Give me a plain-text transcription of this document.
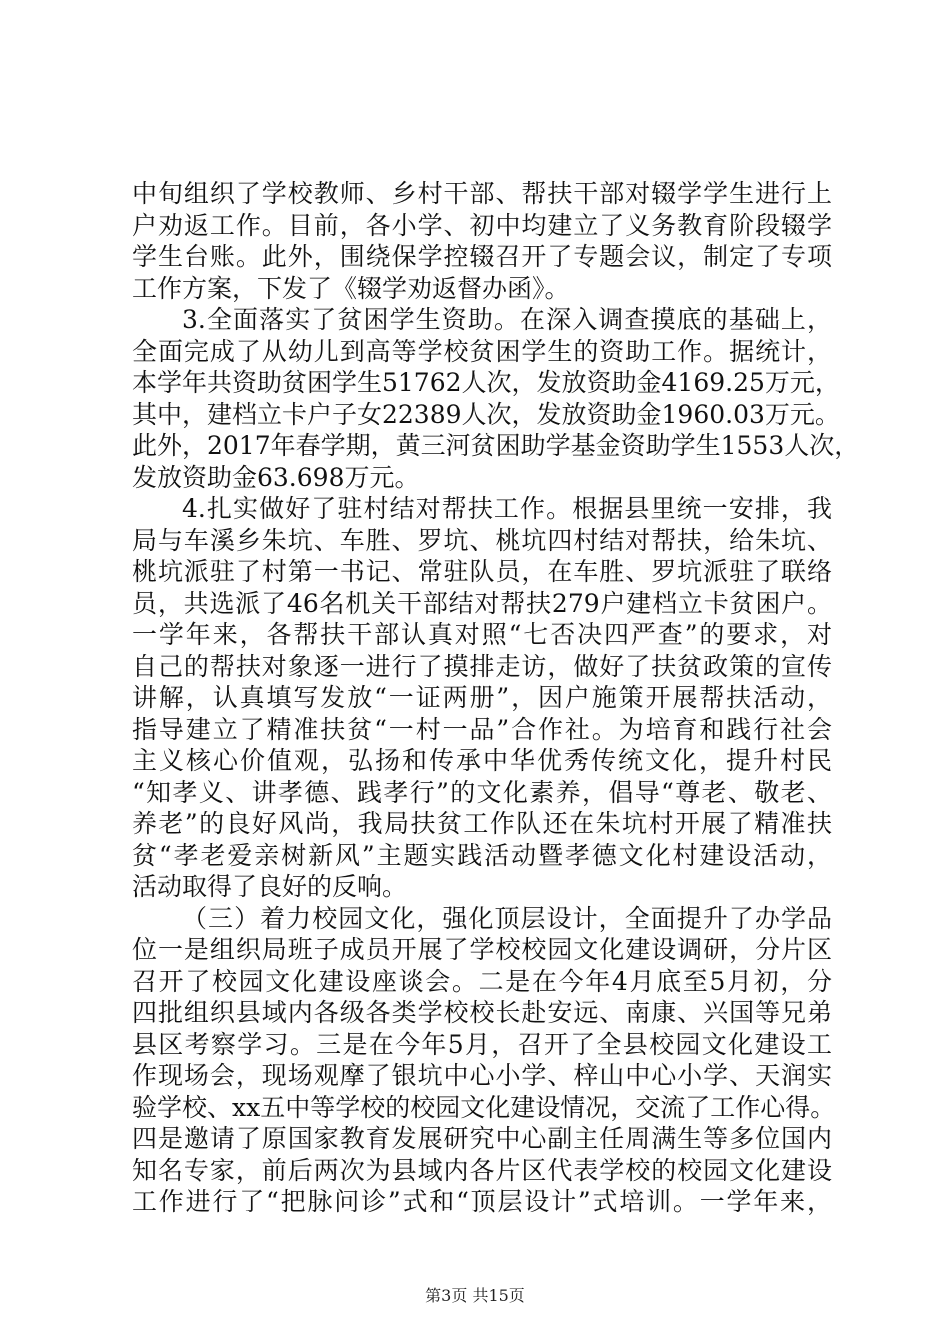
中旬组织了学校教师、乡村干部、帮扶干部对辍学学生进行上
户劝返工作。目前，各小学、初中均建立了义务教育阶段辍学
学生台账。此外，围绕保学控辍召开了专题会议，制定了专项
工作方案，下发了《辍学劝返督办函》。
3.全面落实了贫困学生资助。在深入调查摸底的基础上，
全面完成了从幼儿到高等学校贫困学生的资助工作。据统计，
本学年共资助贫困学生51762人次，发放资助金4169.25万元，
其中，建档立卡户子女22389人次，发放资助金1960.03万元。
此外，2017年春学期，黄三河贫困助学基金资助学生1553人次，
发放资助金63.698万元。
4.扎实做好了驻村结对帮扶工作。根据县里统一安排，我
局与车溪乡朱坑、车胜、罗坑、桃坑四村结对帮扶，给朱坑、
桃坑派驻了村第一书记、常驻队员，在车胜、罗坑派驻了联络
员，共选派了46名机关干部结对帮扶279户建档立卡贫困户。
一学年来，各帮扶干部认真对照“七否决四严查”的要求，对
自己的帮扶对象逐一进行了摸排走访，做好了扶贫政策的宣传
讲解，认真填写发放“一证两册”，因户施策开展帮扶活动，
指导建立了精准扶贫“一村一品”合作社。为培育和践行社会
主义核心价值观，弘扬和传承中华优秀传统文化，提升村民
“知孝义、讲孝德、践孝行”的文化素养，倡导“尊老、敬老、
养老”的良好风尚，我局扶贫工作队还在朱坑村开展了精准扶
贫“孝老爱亲树新风”主题实践活动暨孝德文化村建设活动，
活动取得了良好的反响。
（三）着力校园文化，强化顶层设计，全面提升了办学品
位一是组织局班子成员开展了学校校园文化建设调研，分片区
召开了校园文化建设座谈会。二是在今年4月底至5月初，分
四批组织县域内各级各类学校校长赴安远、南康、兴国等兄弟
县区考察学习。三是在今年5月，召开了全县校园文化建设工
作现场会，现场观摩了银坑中心小学、梓山中心小学、天润实
验学校、xx五中等学校的校园文化建设情况，交流了工作心得。
四是邀请了原国家教育发展研究中心副主任周满生等多位国内
知名专家，前后两次为县域内各片区代表学校的校园文化建设
工作进行了“把脉问诊”式和“顶层设计”式培训。一学年来，
第3页 共15页
